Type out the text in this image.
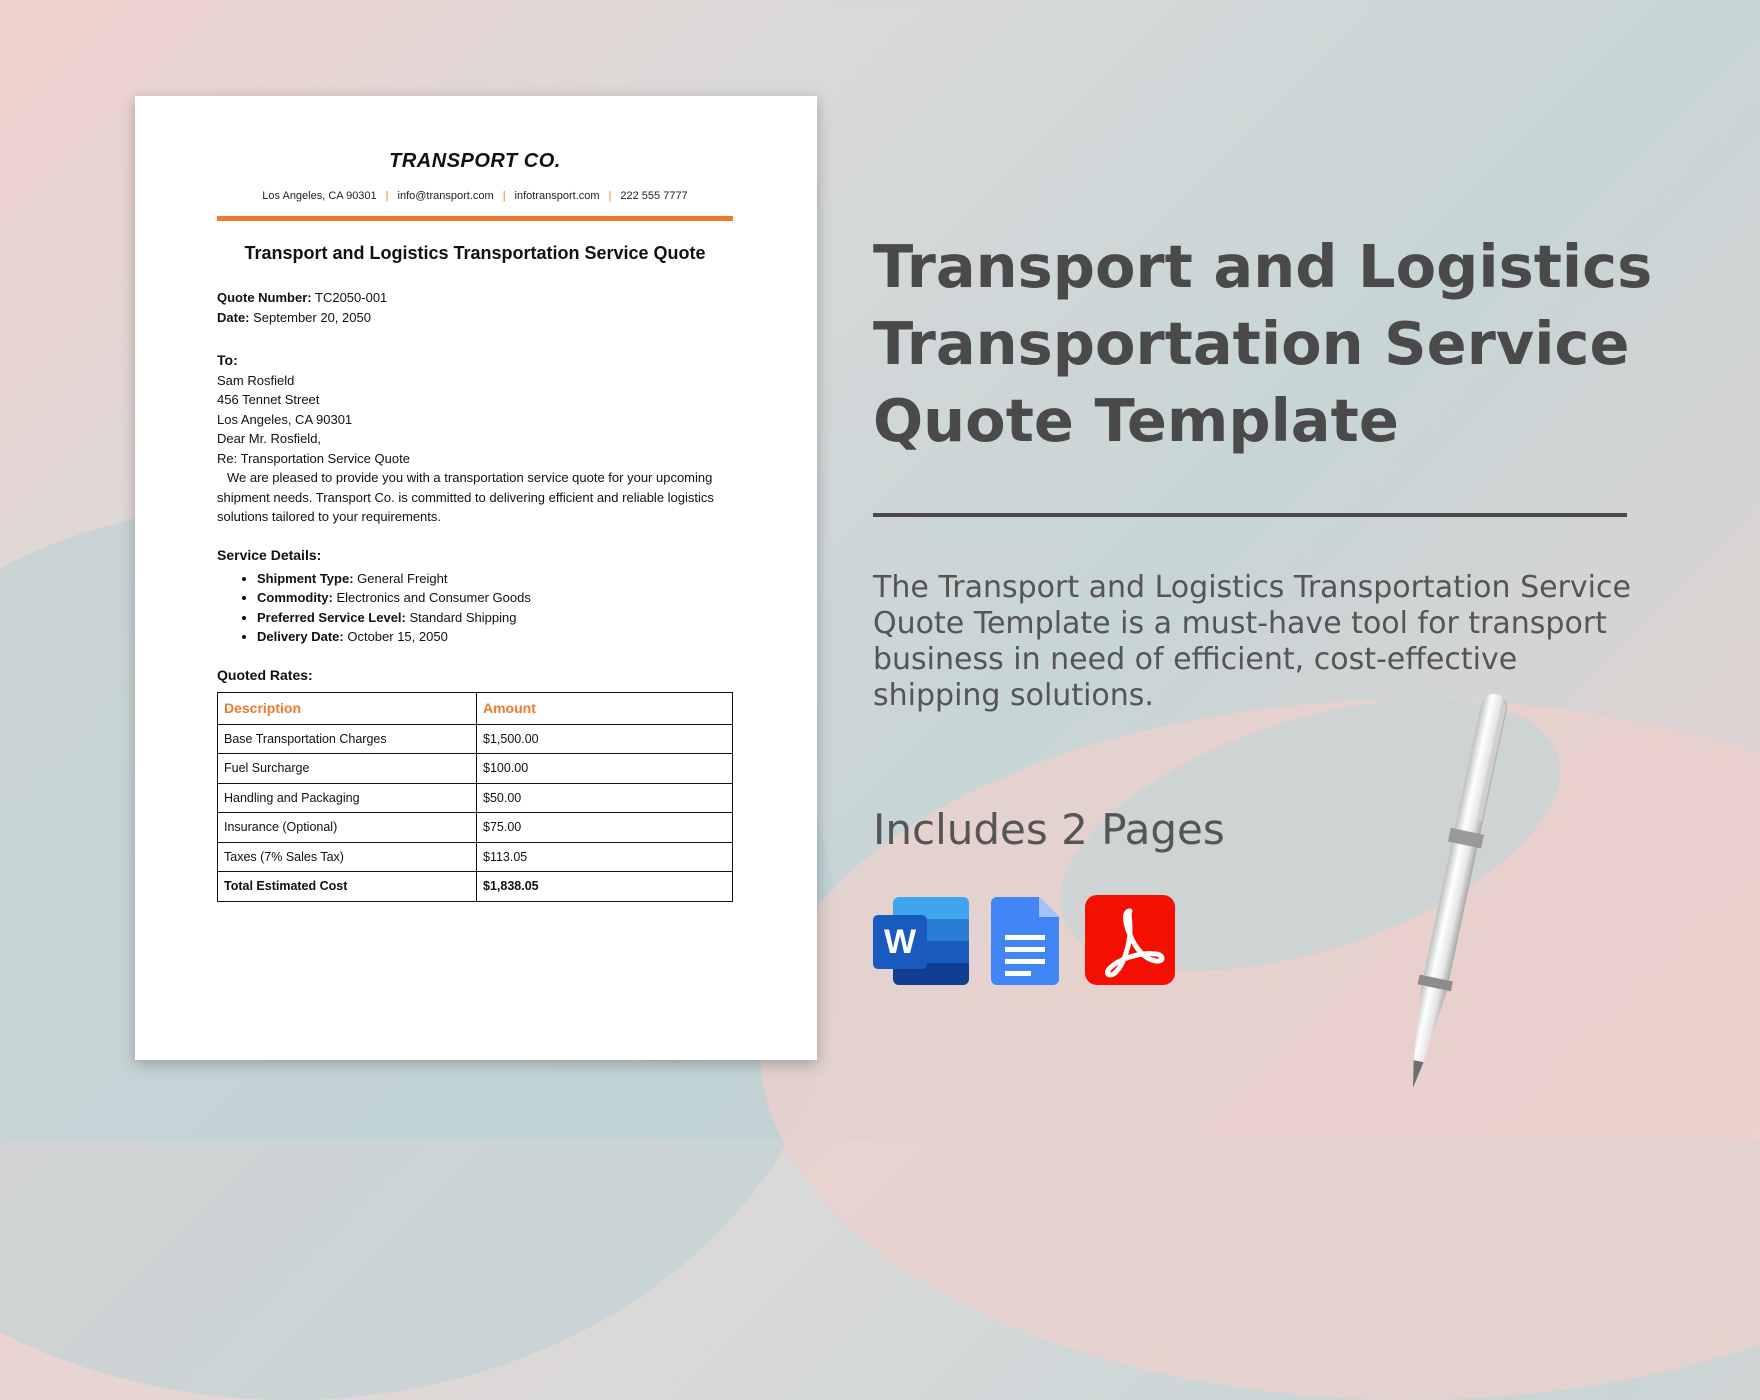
TRANSPORT CO.
Los Angeles, CA 90301 | info@transport.com | infotransport.com | 222 555 7777
Transport and Logistics Transportation Service Quote

Quote Number: TC2050-001

Date: September 20, 2050

To:

Sam Rosfield

456 Tennet Street

Los Angeles, CA 90301

Dear Mr. Rosfield,

Re: Transportation Service Quote

We are pleased to provide you with a transportation service quote for your upcoming shipment needs. Transport Co. is committed to delivering efficient and reliable logistics solutions tailored to your requirements.

Service Details:
• Shipment Type: General Freight
• Commodity: Electronics and Consumer Goods
• Preferred Service Level: Standard Shipping
• Delivery Date: October 15, 2050
Quoted Rates:
Description	Amount
Base Transportation Charges	$1,500.00
Fuel Surcharge	$100.00
Handling and Packaging	$50.00
Insurance (Optional)	$75.00
Taxes (7% Sales Tax)	$113.05
Total Estimated Cost	$1,838.05
Transport and Logistics
Transportation Service
Quote Template
The Transport and Logistics Transportation Service Quote Template is a must-have tool for transport business in need of efficient, cost-effective shipping solutions.
Includes 2 Pages
W
